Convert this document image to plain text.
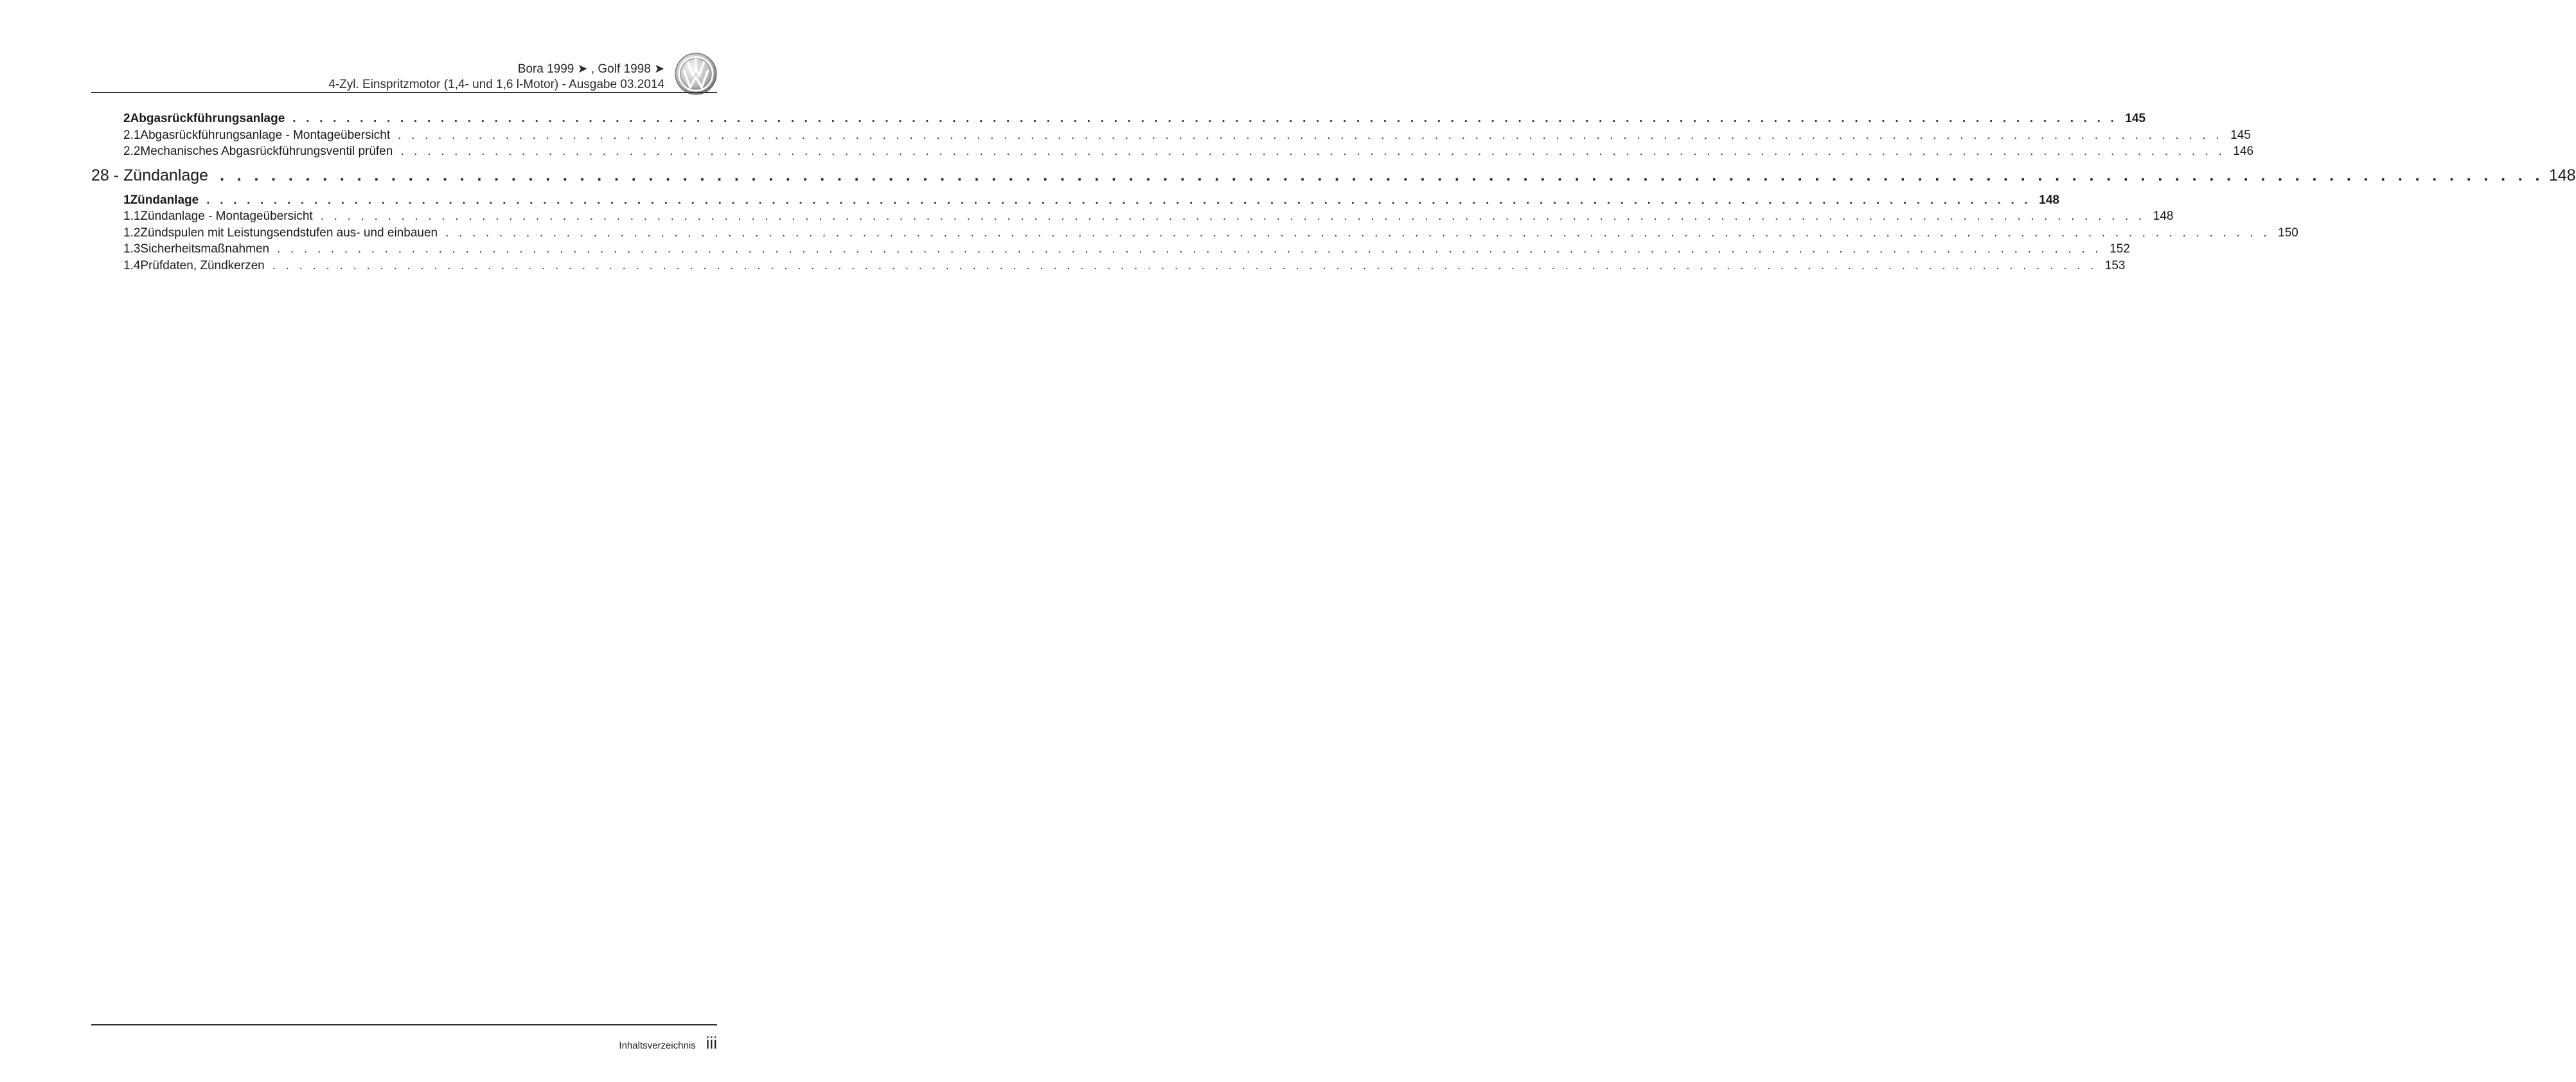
Bora 1999 ➤ , Golf 1998 ➤
4-Zyl. Einspritzmotor (1,4- und 1,6 l-Motor) - Ausgabe 03.2014
2 Abgasrückführungsanlage . . . . . . . . . . . . . . . . . . . . . . . . . . . . . . . . . . . . . . . . . . . . . . . . . . . . . . . . . . . . . . . . . . . . . . . . . . . . . . . . . . . . . . . . . . . . . . . . . . . . . . . . . . . . . . . . . . . . . . . . . . . . . . . . . . . . . . . . 145
2.1 Abgasrückführungsanlage - Montageübersicht . . . . . . . . . . . . . . . . . . . . . . . . . . . . . . . . . . . . . . . . . . . . . . . . . . . . . . . . . . . . . . . . . . . . . . . . . . . . . . . . . . . . . . . . . . . . . . . . . . . . . . . . . . . . . . . . . . . . . . . . . . . . . . . . . . . . . . . . 145
2.2 Mechanisches Abgasrückführungsventil prüfen . . . . . . . . . . . . . . . . . . . . . . . . . . . . . . . . . . . . . . . . . . . . . . . . . . . . . . . . . . . . . . . . . . . . . . . . . . . . . . . . . . . . . . . . . . . . . . . . . . . . . . . . . . . . . . . . . . . . . . . . . . . . . . . . . . . . . . . . 146
28 - Zündanlage . . . . . . . . . . . . . . . . . . . . . . . . . . . . . . . . . . . . . . . . . . . . . . . . . . . . . . . . . . . . . . . . . . . . . . . . . . . . . . . . . . . . . . . . . . . . . . . . . . . . . . . . . . . . . . . . . . . . . . . . . . . . . . . . . . . . . . . . 148
1 Zündanlage . . . . . . . . . . . . . . . . . . . . . . . . . . . . . . . . . . . . . . . . . . . . . . . . . . . . . . . . . . . . . . . . . . . . . . . . . . . . . . . . . . . . . . . . . . . . . . . . . . . . . . . . . . . . . . . . . . . . . . . . . . . . . . . . . . . . . . . . 148
1.1 Zündanlage - Montageübersicht . . . . . . . . . . . . . . . . . . . . . . . . . . . . . . . . . . . . . . . . . . . . . . . . . . . . . . . . . . . . . . . . . . . . . . . . . . . . . . . . . . . . . . . . . . . . . . . . . . . . . . . . . . . . . . . . . . . . . . . . . . . . . . . . . . . . . . . . 148
1.2 Zündspulen mit Leistungsendstufen aus- und einbauen . . . . . . . . . . . . . . . . . . . . . . . . . . . . . . . . . . . . . . . . . . . . . . . . . . . . . . . . . . . . . . . . . . . . . . . . . . . . . . . . . . . . . . . . . . . . . . . . . . . . . . . . . . . . . . . . . . . . . . . . . . . . . . . . . . . . . . . . 150
1.3 Sicherheitsmaßnahmen . . . . . . . . . . . . . . . . . . . . . . . . . . . . . . . . . . . . . . . . . . . . . . . . . . . . . . . . . . . . . . . . . . . . . . . . . . . . . . . . . . . . . . . . . . . . . . . . . . . . . . . . . . . . . . . . . . . . . . . . . . . . . . . . . . . . . . . . 152
1.4 Prüfdaten, Zündkerzen . . . . . . . . . . . . . . . . . . . . . . . . . . . . . . . . . . . . . . . . . . . . . . . . . . . . . . . . . . . . . . . . . . . . . . . . . . . . . . . . . . . . . . . . . . . . . . . . . . . . . . . . . . . . . . . . . . . . . . . . . . . . . . . . . . . . . . . . 153
Inhaltsverzeichnis iii
